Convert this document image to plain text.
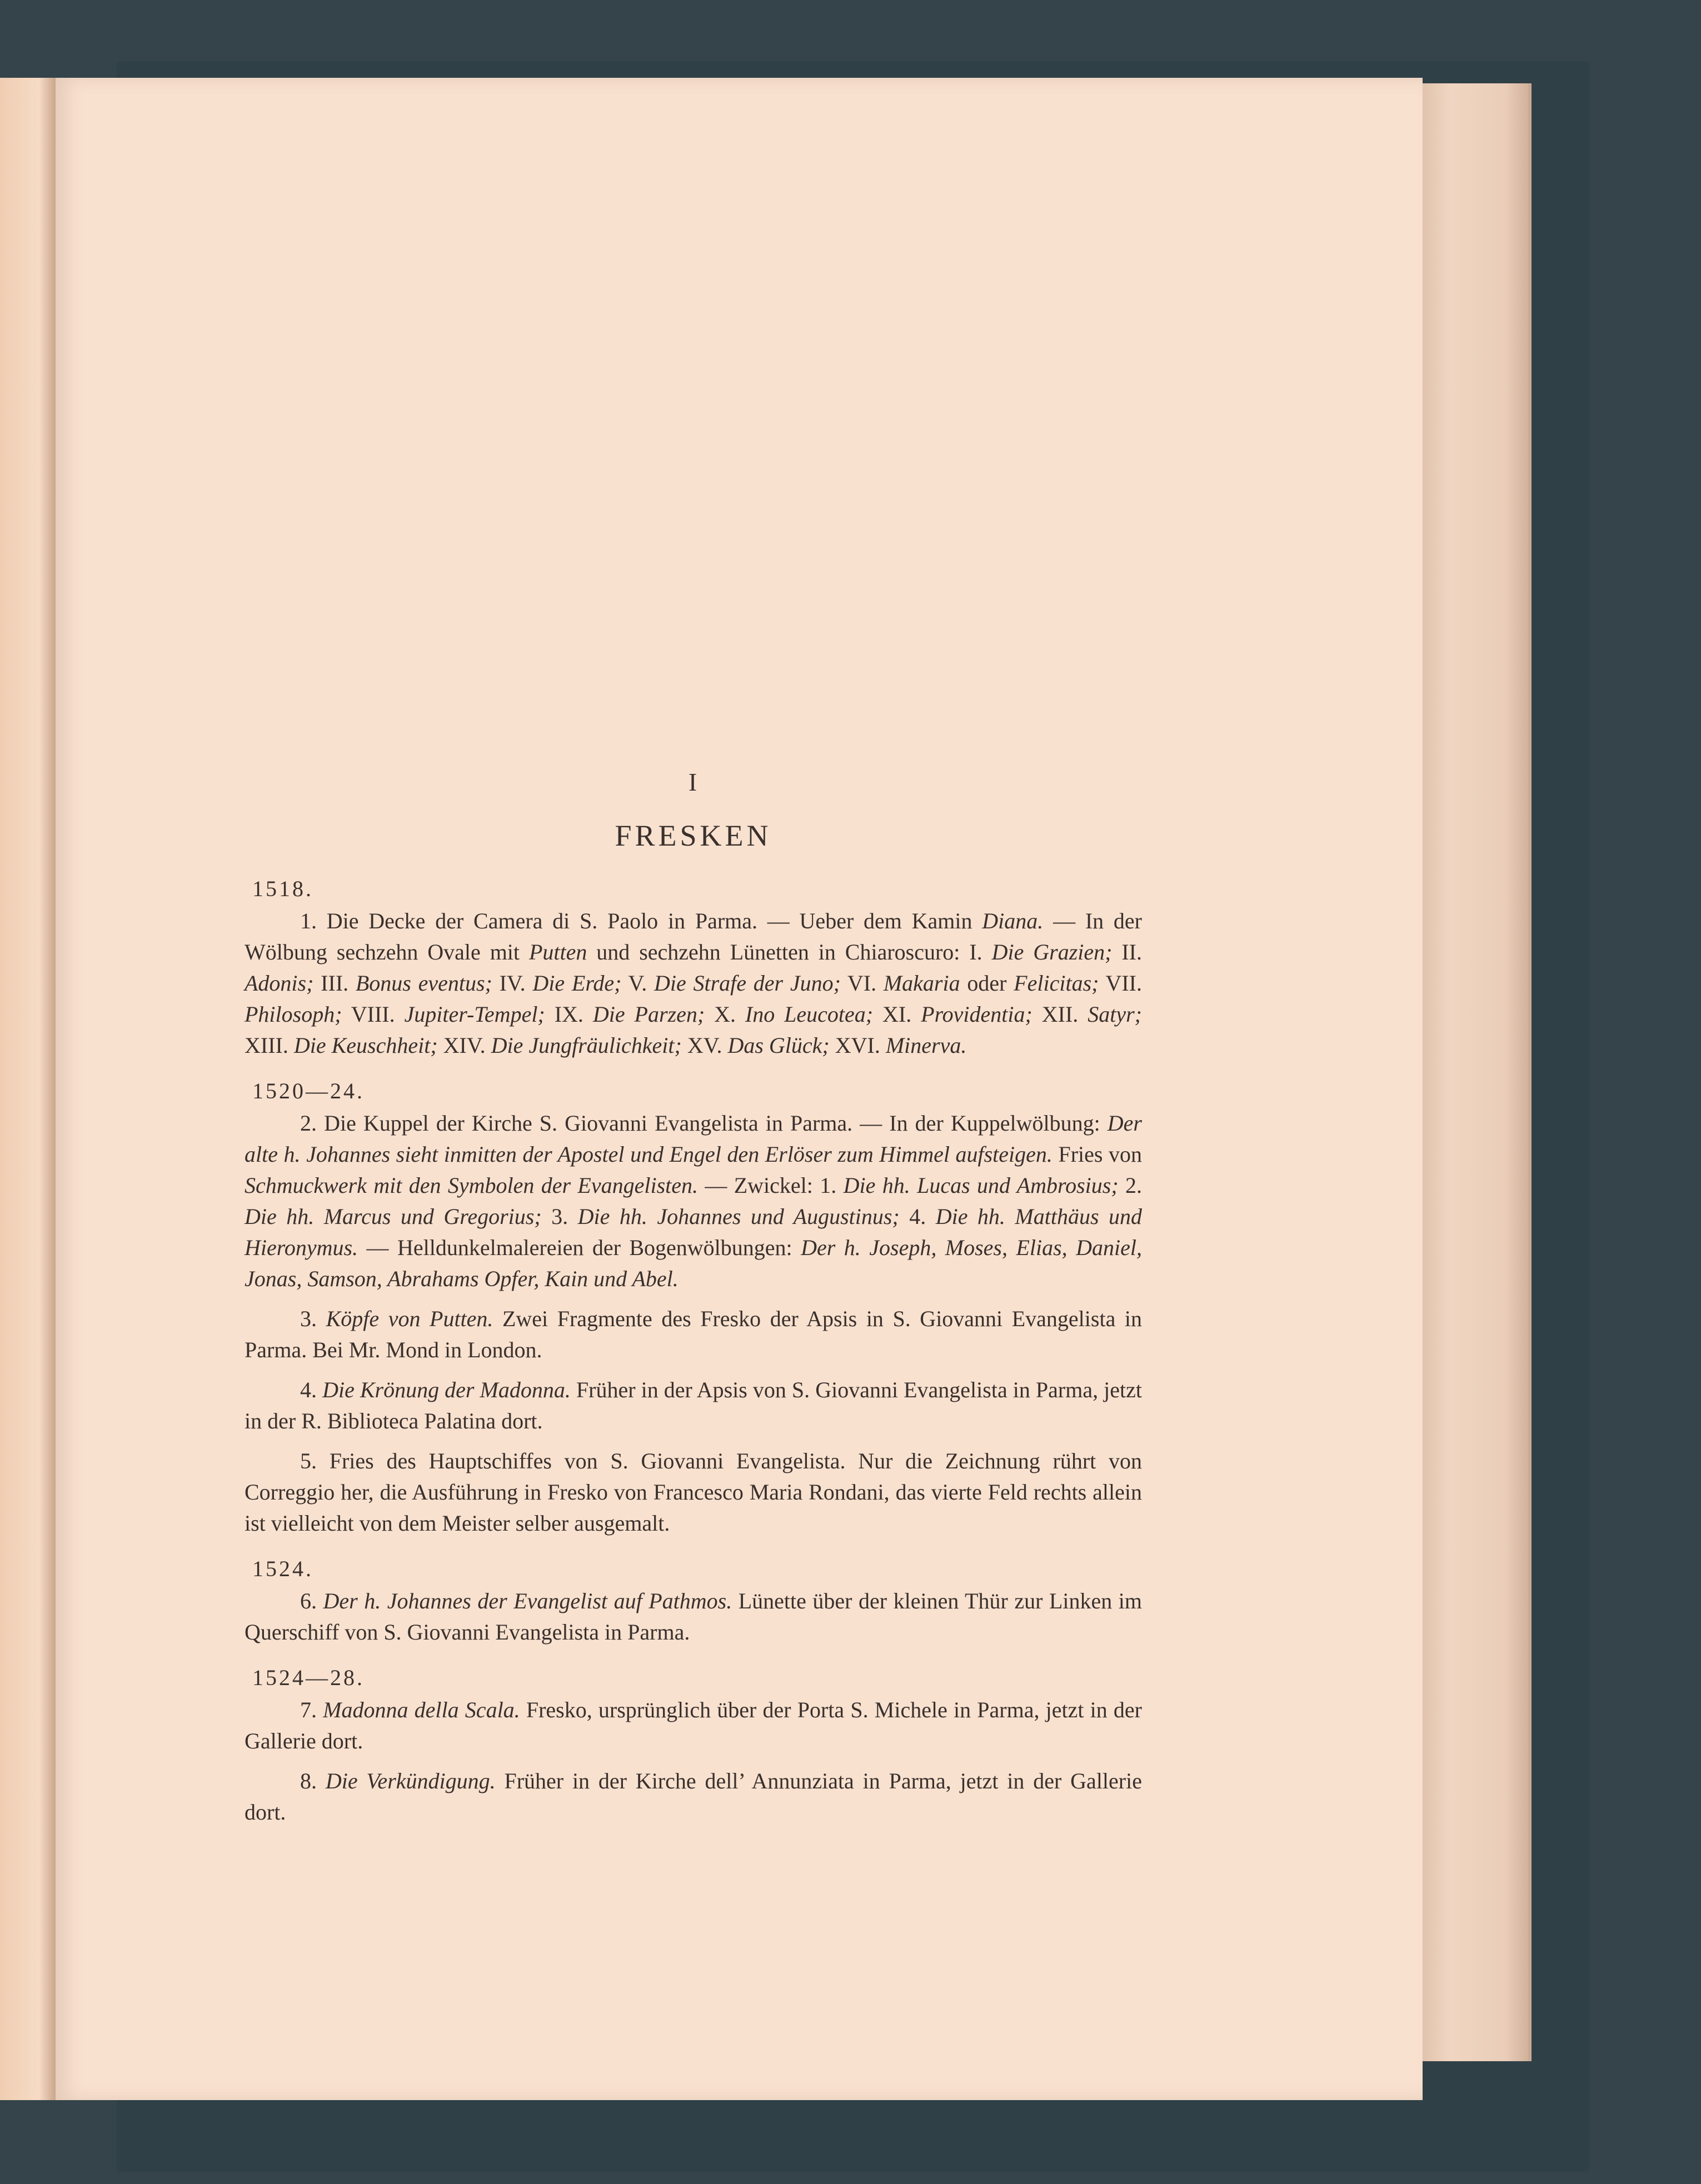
I
FRESKEN
1518.

1. Die Decke der Camera di S. Paolo in Parma. — Ueber dem Kamin Diana. — In der Wölbung sechzehn Ovale mit Putten und sechzehn Lünetten in Chiaroscuro: I. Die Grazien; II. Adonis; III. Bonus eventus; IV. Die Erde; V. Die Strafe der Juno; VI. Makaria oder Felicitas; VII. Philosoph; VIII. Jupiter-Tempel; IX. Die Parzen; X. Ino Leucotea; XI. Providentia; XII. Satyr; XIII. Die Keuschheit; XIV. Die Jungfräulichkeit; XV. Das Glück; XVI. Minerva.

1520—24.

2. Die Kuppel der Kirche S. Giovanni Evangelista in Parma. — In der Kuppelwölbung: Der alte h. Johannes sieht inmitten der Apostel und Engel den Erlöser zum Himmel aufsteigen. Fries von Schmuckwerk mit den Symbolen der Evangelisten. — Zwickel: 1. Die hh. Lucas und Ambrosius; 2. Die hh. Marcus und Gregorius; 3. Die hh. Johannes und Augustinus; 4. Die hh. Matthäus und Hieronymus. — Helldunkelmalereien der Bogenwölbungen: Der h. Joseph, Moses, Elias, Daniel, Jonas, Samson, Abrahams Opfer, Kain und Abel.

3. Köpfe von Putten. Zwei Fragmente des Fresko der Apsis in S. Giovanni Evangelista in Parma. Bei Mr. Mond in London.

4. Die Krönung der Madonna. Früher in der Apsis von S. Giovanni Evangelista in Parma, jetzt in der R. Biblioteca Palatina dort.

5. Fries des Hauptschiffes von S. Giovanni Evangelista. Nur die Zeichnung rührt von Correggio her, die Ausführung in Fresko von Francesco Maria Rondani, das vierte Feld rechts allein ist vielleicht von dem Meister selber ausgemalt.

1524.

6. Der h. Johannes der Evangelist auf Pathmos. Lünette über der kleinen Thür zur Linken im Querschiff von S. Giovanni Evangelista in Parma.

1524—28.

7. Madonna della Scala. Fresko, ursprünglich über der Porta S. Michele in Parma, jetzt in der Gallerie dort.

8. Die Verkündigung. Früher in der Kirche dell’ Annunziata in Parma, jetzt in der Gallerie dort.
